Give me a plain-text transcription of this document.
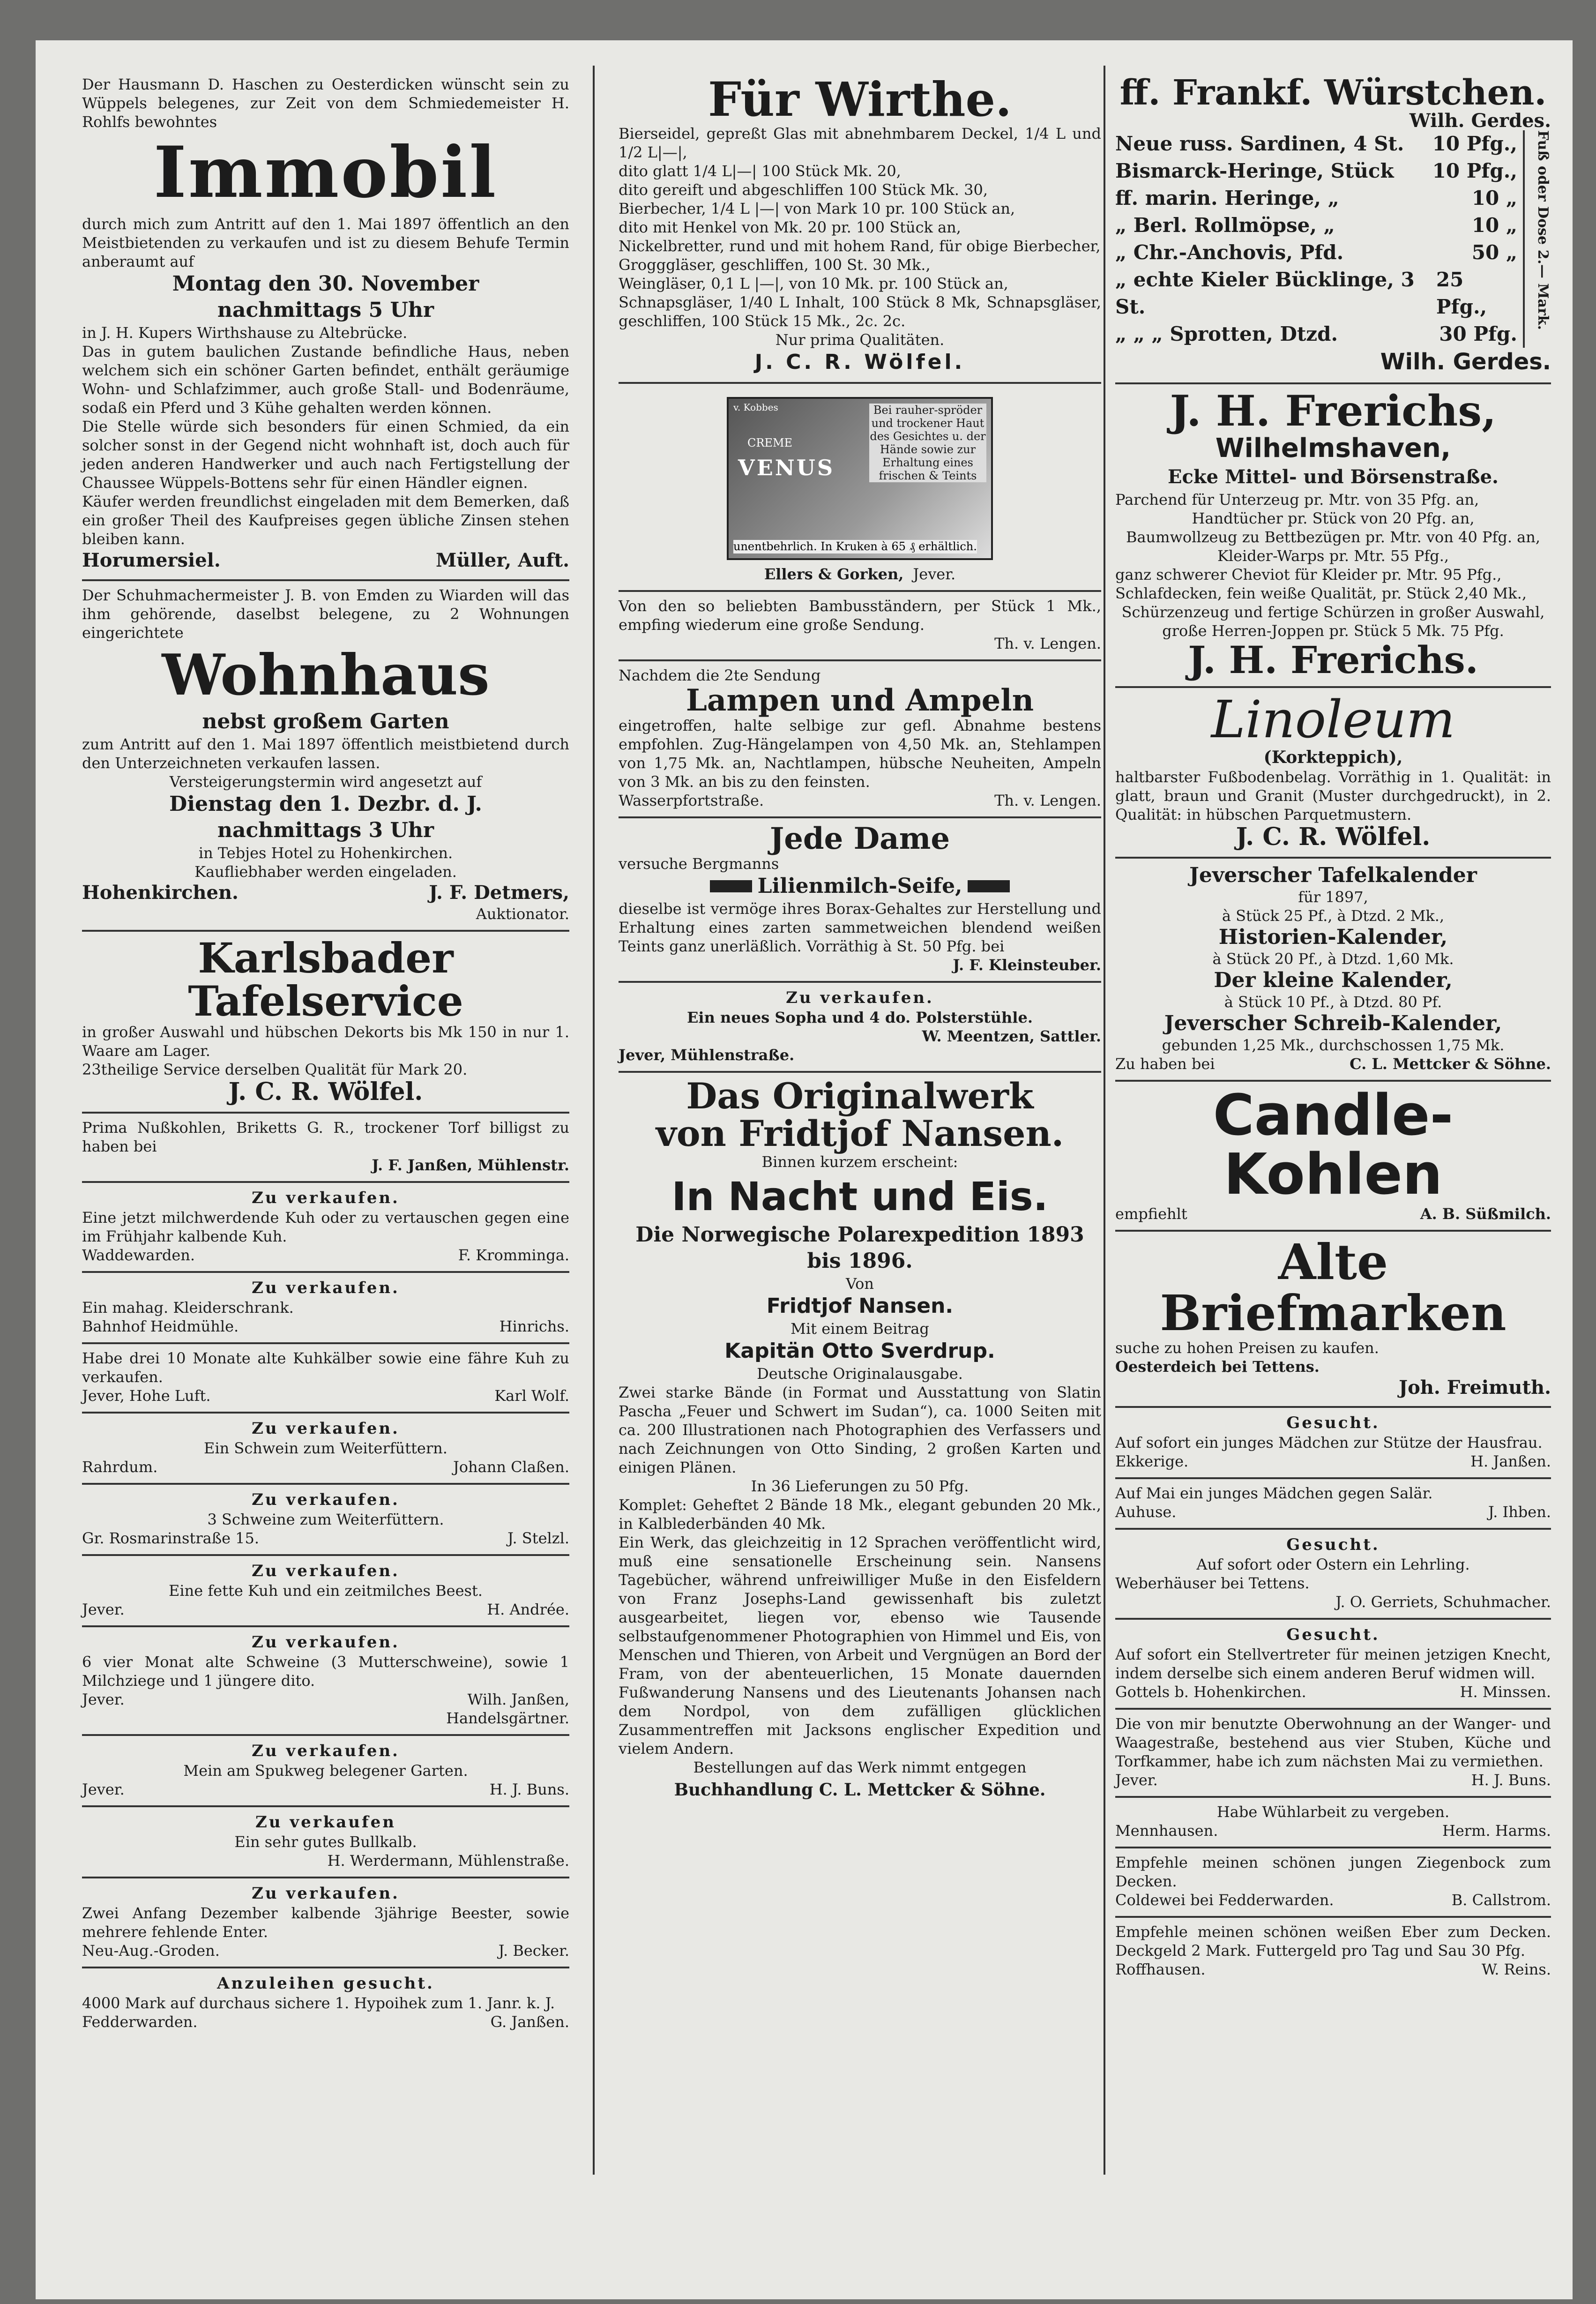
Der Hausmann D. Haschen zu Oesterdicken wünscht sein zu Wüppels belegenes, zur Zeit von dem Schmiedemeister H. Rohlfs bewohntes

Immobil

durch mich zum Antritt auf den 1. Mai 1897 öffentlich an den Meistbietenden zu verkaufen und ist zu diesem Behufe Termin anberaumt auf

Montag den 30. November
nachmittags 5 Uhr

in J. H. Kupers Wirthshause zu Altebrücke.

Das in gutem baulichen Zustande befindliche Haus, neben welchem sich ein schöner Garten befindet, enthält geräumige Wohn- und Schlafzimmer, auch große Stall- und Bodenräume, sodaß ein Pferd und 3 Kühe gehalten werden können.

Die Stelle würde sich besonders für einen Schmied, da ein solcher sonst in der Gegend nicht wohnhaft ist, doch auch für jeden anderen Handwerker und auch nach Fertigstellung der Chaussee Wüppels-Bottens sehr für einen Händler eignen.

Käufer werden freundlichst eingeladen mit dem Bemerken, daß ein großer Theil des Kaufpreises gegen übliche Zinsen stehen bleiben kann.

Horumersiel.	Müller, Auft.

Der Schuhmachermeister J. B. von Emden zu Wiarden will das ihm gehörende, daselbst belegene, zu 2 Wohnungen eingerichtete

Wohnhaus
nebst großem Garten

zum Antritt auf den 1. Mai 1897 öffentlich meistbietend durch den Unterzeichneten verkaufen lassen.

Versteigerungstermin wird angesetzt auf

Dienstag den 1. Dezbr. d. J.
nachmittags 3 Uhr

in Tebjes Hotel zu Hohenkirchen.

Kaufliebhaber werden eingeladen.

Hohenkirchen.	J. F. Detmers,
Auktionator.
Karlsbader Tafelservice

in großer Auswahl und hübschen Dekorts bis Mk 150 in nur 1. Waare am Lager.

23theilige Service derselben Qualität für Mark 20.

J. C. R. Wölfel.

Prima Nußkohlen, Briketts G. R., trockener Torf billigst zu haben bei

J. F. Janßen, Mühlenstr.
Zu verkaufen.

Eine jetzt milchwerdende Kuh oder zu vertauschen gegen eine im Frühjahr kalbende Kuh.

Waddewarden.	F. Kromminga.
Zu verkaufen.

Ein mahag. Kleiderschrank.

Bahnhof Heidmühle.	Hinrichs.

Habe drei 10 Monate alte Kuhkälber sowie eine fähre Kuh zu verkaufen.

Jever, Hohe Luft.	Karl Wolf.
Zu verkaufen.

Ein Schwein zum Weiterfüttern.

Rahrdum.	Johann Claßen.
Zu verkaufen.

3 Schweine zum Weiterfüttern.

Gr. Rosmarinstraße 15.	J. Stelzl.
Zu verkaufen.

Eine fette Kuh und ein zeitmilches Beest.

Jever.	H. Andrée.
Zu verkaufen.

6 vier Monat alte Schweine (3 Mutterschweine), sowie 1 Milchziege und 1 jüngere dito.

Jever.	Wilh. Janßen,
Handelsgärtner.
Zu verkaufen.

Mein am Spukweg belegener Garten.

Jever.	H. J. Buns.
Zu verkaufen

Ein sehr gutes Bullkalb.

H. Werdermann, Mühlenstraße.
Zu verkaufen.

Zwei Anfang Dezember kalbende 3jährige Beester, sowie mehrere fehlende Enter.

Neu-Aug.-Groden.	J. Becker.
Anzuleihen gesucht.

4000 Mark auf durchaus sichere 1. Hypoihek zum 1. Janr. k. J.

Fedderwarden.	G. Janßen.
Für Wirthe.

Bierseidel, gepreßt Glas mit abnehmbarem Deckel, 1/4 L und 1/2 L|—|,

dito glatt 1/4 L|—| 100 Stück Mk. 20,

dito gereift und abgeschliffen 100 Stück Mk. 30,

Bierbecher, 1/4 L |—| von Mark 10 pr. 100 Stück an,

dito mit Henkel von Mk. 20 pr. 100 Stück an,

Nickelbretter, rund und mit hohem Rand, für obige Bierbecher,

Grogggläser, geschliffen, 100 St. 30 Mk.,

Weingläser, 0,1 L |—|, von 10 Mk. pr. 100 Stück an,

Schnapsgläser, 1/40 L Inhalt, 100 Stück 8 Mk, Schnapsgläser, geschliffen, 100 Stück 15 Mk., 2c. 2c.

Nur prima Qualitäten.

J. C. R. Wölfel.
v. Kobbes
CREME
VENUS
Bei rauher-spröder und trockener Haut des Gesichtes u. der Hände sowie zur Erhaltung eines frischen & Teints
unentbehrlich. In Kruken à 65 ₰ erhältlich.
Ellers & Gorken, Jever.

Von den so beliebten Bambusständern, per Stück 1 Mk., empfing wiederum eine große Sendung.

Th. v. Lengen.

Nachdem die 2te Sendung

Lampen und Ampeln

eingetroffen, halte selbige zur gefl. Abnahme bestens empfohlen. Zug-Hängelampen von 4,50 Mk. an, Stehlampen von 1,75 Mk. an, Nachtlampen, hübsche Neuheiten, Ampeln von 3 Mk. an bis zu den feinsten.

Wasserpfortstraße.	Th. v. Lengen.
Jede Dame

versuche Bergmanns

Lilienmilch-Seife,

dieselbe ist vermöge ihres Borax-Gehaltes zur Herstellung und Erhaltung eines zarten sammetweichen blendend weißen Teints ganz unerläßlich. Vorräthig à St. 50 Pfg. bei

J. F. Kleinsteuber.
Zu verkaufen.

Ein neues Sopha und 4 do. Polsterstühle.

W. Meentzen, Sattler.
Jever, Mühlenstraße.
Das Originalwerk
von Fridtjof Nansen.

Binnen kurzem erscheint:

In Nacht und Eis.
Die Norwegische Polarexpedition 1893 bis 1896.

Von

Fridtjof Nansen.

Mit einem Beitrag

Kapitän Otto Sverdrup.

Deutsche Originalausgabe.

Zwei starke Bände (in Format und Ausstattung von Slatin Pascha „Feuer und Schwert im Sudan“), ca. 1000 Seiten mit ca. 200 Illustrationen nach Photographien des Verfassers und nach Zeichnungen von Otto Sinding, 2 großen Karten und einigen Plänen.

In 36 Lieferungen zu 50 Pfg.

Komplet: Geheftet 2 Bände 18 Mk., elegant gebunden 20 Mk., in Kalblederbänden 40 Mk.

Ein Werk, das gleichzeitig in 12 Sprachen veröffentlicht wird, muß eine sensationelle Erscheinung sein. Nansens Tagebücher, während unfreiwilliger Muße in den Eisfeldern von Franz Josephs-Land gewissenhaft bis zuletzt ausgearbeitet, liegen vor, ebenso wie Tausende selbstaufgenommener Photographien von Himmel und Eis, von Menschen und Thieren, von Arbeit und Vergnügen an Bord der Fram, von der abenteuerlichen, 15 Monate dauernden Fußwanderung Nansens und des Lieutenants Johansen nach dem Nordpol, von dem zufälligen glücklichen Zusammentreffen mit Jacksons englischer Expedition und vielem Andern.

Bestellungen auf das Werk nimmt entgegen

Buchhandlung C. L. Mettcker & Söhne.
ff. Frankf. Würstchen.
Wilh. Gerdes.
Neue russ. Sardinen, 4 St. 10 Pfg.,
Bismarck-Heringe, Stück 10 Pfg.,
ff. marin. Heringe, „	10 „
„ Berl. Rollmöpse, „	10 „
„ Chr.-Anchovis, Pfd.	50 „
„ echte Kieler Bücklinge, 3 St.
25 Pfg.,
„ „ „ Sprotten, Dtzd.	30 Pfg.
Fuß oder Dose 2.— Mark.
Wilh. Gerdes.
J. H. Frerichs,
Wilhelmshaven,
Ecke Mittel- und Börsenstraße.

Parchend für Unterzeug pr. Mtr. von 35 Pfg. an,

Handtücher pr. Stück von 20 Pfg. an,

Baumwollzeug zu Bettbezügen pr. Mtr. von 40 Pfg. an,

Kleider-Warps pr. Mtr. 55 Pfg.,

ganz schwerer Cheviot für Kleider pr. Mtr. 95 Pfg.,

Schlafdecken, fein weiße Qualität, pr. Stück 2,40 Mk.,

Schürzenzeug und fertige Schürzen in großer Auswahl,

große Herren-Joppen pr. Stück 5 Mk. 75 Pfg.

J. H. Frerichs.
Linoleum
(Korkteppich),

haltbarster Fußbodenbelag. Vorräthig in 1. Qualität: in glatt, braun und Granit (Muster durchgedruckt), in 2. Qualität: in hübschen Parquetmustern.

J. C. R. Wölfel.
Jeverscher Tafelkalender

für 1897,

à Stück 25 Pf., à Dtzd. 2 Mk.,

Historien-Kalender,

à Stück 20 Pf., à Dtzd. 1,60 Mk.

Der kleine Kalender,

à Stück 10 Pf., à Dtzd. 80 Pf.

Jeverscher Schreib-Kalender,

gebunden 1,25 Mk., durchschossen 1,75 Mk.

Zu haben bei	C. L. Mettcker & Söhne.
Candle-Kohlen
empfiehlt	A. B. Süßmilch.
Alte Briefmarken

suche zu hohen Preisen zu kaufen.

Oesterdeich bei Tettens.
Joh. Freimuth.
Gesucht.

Auf sofort ein junges Mädchen zur Stütze der Hausfrau.

Ekkerige.	H. Janßen.

Auf Mai ein junges Mädchen gegen Salär.

Auhuse.	J. Ihben.
Gesucht.

Auf sofort oder Ostern ein Lehrling.

Weberhäuser bei Tettens.

J. O. Gerriets, Schuhmacher.
Gesucht.

Auf sofort ein Stellvertreter für meinen jetzigen Knecht, indem derselbe sich einem anderen Beruf widmen will.

Gottels b. Hohenkirchen.	H. Minssen.

Die von mir benutzte Oberwohnung an der Wanger- und Waagestraße, bestehend aus vier Stuben, Küche und Torfkammer, habe ich zum nächsten Mai zu vermiethen.

Jever.	H. J. Buns.

Habe Wühlarbeit zu vergeben.

Mennhausen.	Herm. Harms.

Empfehle meinen schönen jungen Ziegenbock zum Decken.

Coldewei bei Fedderwarden.	B. Callstrom.

Empfehle meinen schönen weißen Eber zum Decken. Deckgeld 2 Mark. Futtergeld pro Tag und Sau 30 Pfg.

Roffhausen.	W. Reins.
